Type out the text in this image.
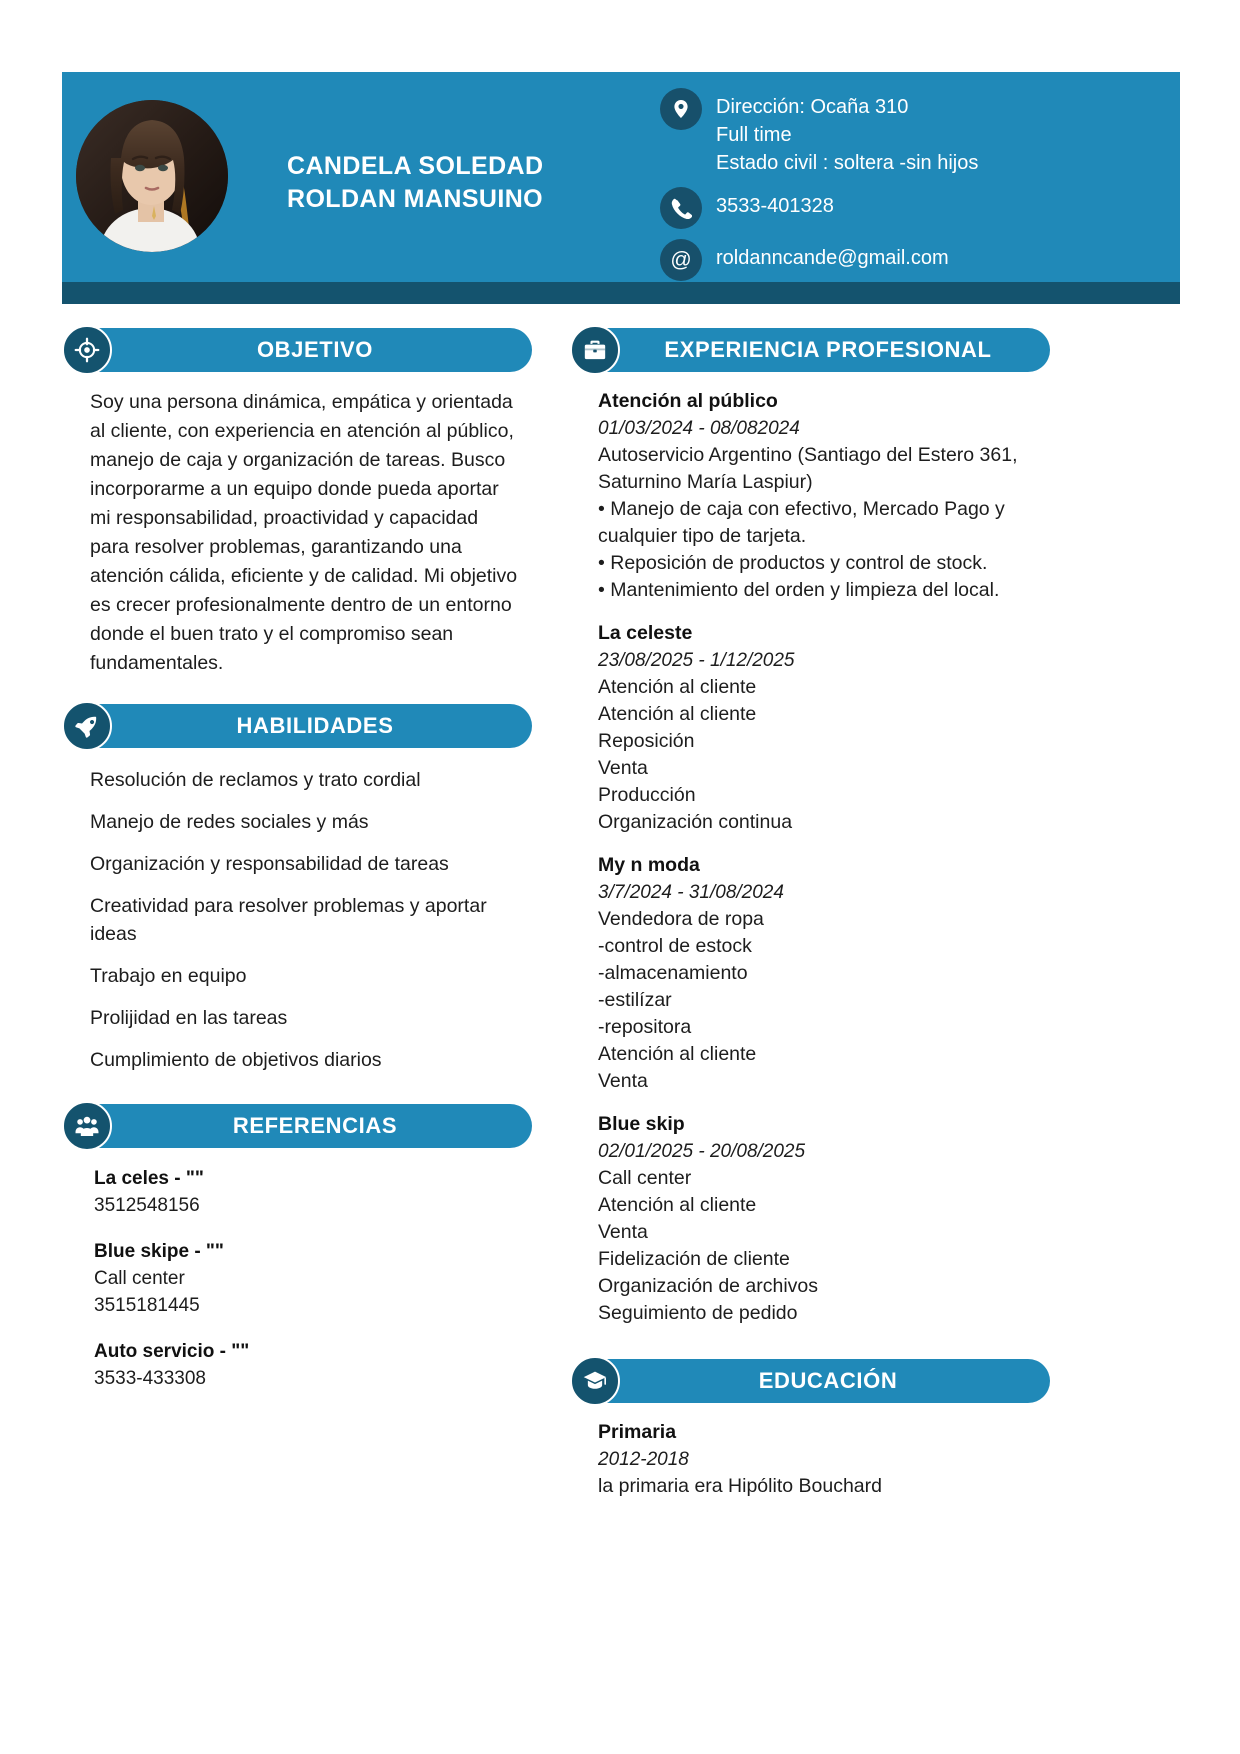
CANDELA SOLEDAD
ROLDAN MANSUINO
Dirección: Ocaña 310
Full time
Estado civil : soltera -sin hijos
3533-401328
@ roldanncande@gmail.com
OBJETIVO
Soy una persona dinámica, empática y orientada al cliente, con experiencia en atención al público, manejo de caja y organización de tareas. Busco incorporarme a un equipo donde pueda aportar mi responsabilidad, proactividad y capacidad para resolver problemas, garantizando una atención cálida, eficiente y de calidad. Mi objetivo es crecer profesionalmente dentro de un entorno donde el buen trato y el compromiso sean fundamentales.
HABILIDADES
Resolución de reclamos y trato cordial
Manejo de redes sociales y más
Organización y responsabilidad de tareas
Creatividad para resolver problemas y aportar ideas
Trabajo en equipo
Prolijidad en las tareas
Cumplimiento de objetivos diarios
REFERENCIAS
La celes - ""
3512548156
Blue skipe - ""
Call center
3515181445
Auto servicio - ""
3533-433308
EXPERIENCIA PROFESIONAL
Atención al público
01/03/2024 - 08/082024
Autoservicio Argentino (Santiago del Estero 361, Saturnino María Laspiur)
• Manejo de caja con efectivo, Mercado Pago y cualquier tipo de tarjeta.
• Reposición de productos y control de stock.
• Mantenimiento del orden y limpieza del local.
La celeste
23/08/2025 - 1/12/2025
Atención al cliente
Atención al cliente
Reposición
Venta
Producción
Organización continua
My n moda
3/7/2024 - 31/08/2024
Vendedora de ropa
-control de estock
-almacenamiento
-estilízar
-repositora
Atención al cliente
Venta
Blue skip
02/01/2025 - 20/08/2025
Call center
Atención al cliente
Venta
Fidelización de cliente
Organización de archivos
Seguimiento de pedido
EDUCACIÓN
Primaria
2012-2018
la primaria era Hipólito Bouchard
